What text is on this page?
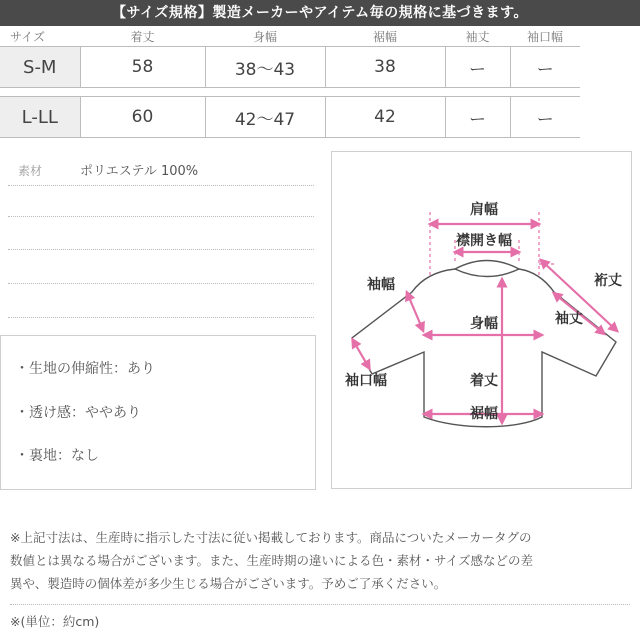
【サイズ規格】製造メーカーやアイテム毎の規格に基づきます。
サイズ	着丈	身幅	裾幅	袖丈	袖口幅
S-M	58	38〜43	38	ー	ー

L-LL	60	42〜47	42	ー	ー
素材	ポリエステル 100%
・生地の伸縮性：あり
・透け感：ややあり
・裏地：なし
肩幅
襟開き幅
袖幅	裄丈
袖丈
身幅
袖口幅	着丈
裾幅

※上記寸法は、生産時に指示した寸法に従い掲載しております。商品についたメーカータグの

数値とは異なる場合がございます。また、生産時期の違いによる色・素材・サイズ感などの差

異や、製造時の個体差が多少生じる場合がございます。予めご了承ください。

※(単位：約cm)
